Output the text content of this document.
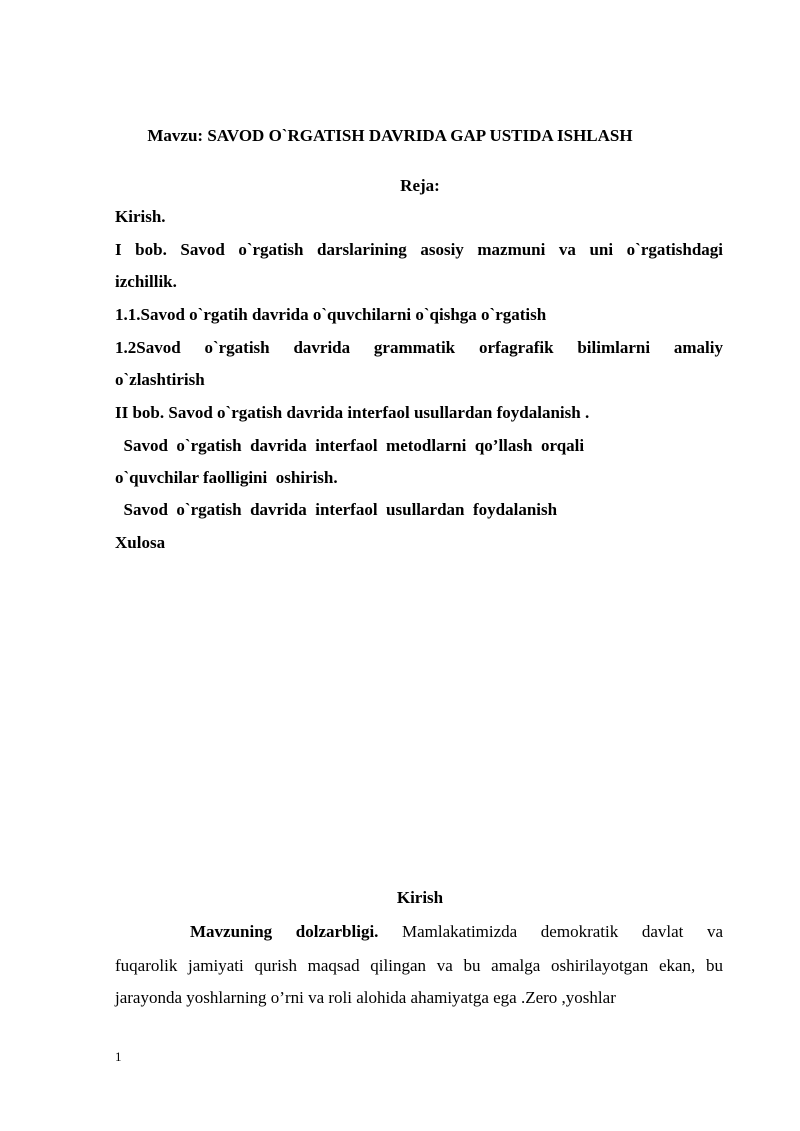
Mavzu: SAVOD O`RGATISH DAVRIDA GAP USTIDA ISHLASH
Reja:
Kirish.
I bob. Savod o`rgatish darslarining asosiy mazmuni va uni o`rgatishdagi
izchillik.
1.1.Savod o`rgatih davrida o`quvchilarni o`qishga o`rgatish
1.2Savod o`rgatish davrida grammatik orfagrafik bilimlarni amaliy
o`zlashtirish
II bob. Savod o`rgatish davrida interfaol usullardan foydalanish .
Savod  o`rgatish  davrida  interfaol  metodlarni  qo’llash  orqali
o`quvchilar faolligini  oshirish.
Savod  o`rgatish  davrida  interfaol  usullardan  foydalanish
Xulosa
Kirish
Mavzuning dolzarbligi. Mamlakatimizda demokratik davlat va
fuqarolik jamiyati qurish maqsad qilingan va bu amalga oshirilayotgan ekan, bu
jarayonda yoshlarning o’rni va roli alohida ahamiyatga ega .Zero ,yoshlar
1
